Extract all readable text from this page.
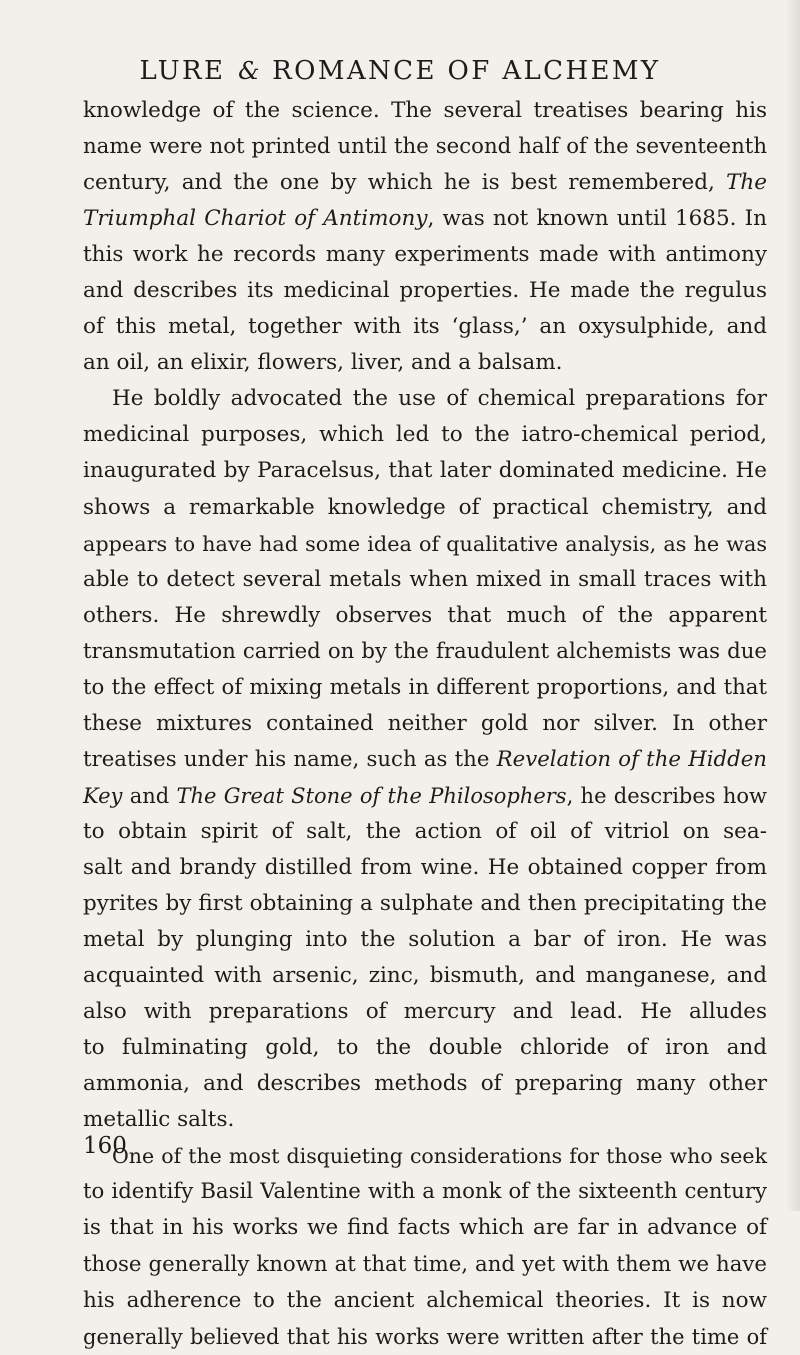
LURE & ROMANCE OF ALCHEMY
knowledge of the science. The several treatises bearing his
name were not printed until the second half of the seventeenth
century, and the one by which he is best remembered, The
Triumphal Chariot of Antimony, was not known until 1685. In
this work he records many experiments made with antimony
and describes its medicinal properties. He made the regulus
of this metal, together with its ‘glass,’ an oxysulphide, and
an oil, an elixir, flowers, liver, and a balsam.
He boldly advocated the use of chemical preparations for
medicinal purposes, which led to the iatro-chemical period,
inaugurated by Paracelsus, that later dominated medicine. He
shows a remarkable knowledge of practical chemistry, and
appears to have had some idea of qualitative analysis, as he was
able to detect several metals when mixed in small traces with
others. He shrewdly observes that much of the apparent
transmutation carried on by the fraudulent alchemists was due
to the effect of mixing metals in different proportions, and that
these mixtures contained neither gold nor silver. In other
treatises under his name, such as the Revelation of the Hidden
Key and The Great Stone of the Philosophers, he describes how
to obtain spirit of salt, the action of oil of vitriol on sea-
salt and brandy distilled from wine. He obtained copper from
pyrites by first obtaining a sulphate and then precipitating the
metal by plunging into the solution a bar of iron. He was
acquainted with arsenic, zinc, bismuth, and manganese, and
also with preparations of mercury and lead. He alludes
to fulminating gold, to the double chloride of iron and
ammonia, and describes methods of preparing many other
metallic salts.
One of the most disquieting considerations for those who seek
to identify Basil Valentine with a monk of the sixteenth century
is that in his works we find facts which are far in advance of
those generally known at that time, and yet with them we have
his adherence to the ancient alchemical theories. It is now
generally believed that his works were written after the time of
160
